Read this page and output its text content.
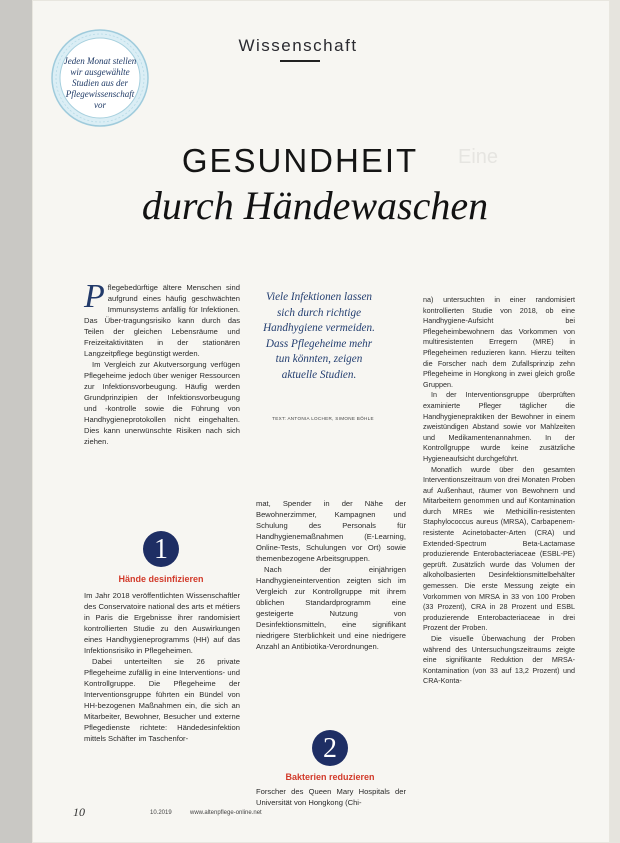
Wissenschaft
Jeden Monat stellen wir ausgewählte Studien aus der Pflegewissenschaft vor
GESUNDHEIT	Eine
durch Händewaschen
P flegebedürftige ältere Menschen sind aufgrund eines häufig geschwächten Immunsystems anfällig für Infektionen. Das Über-tragungsrisiko kann durch das Teilen der gleichen Lebensräume und Freizeitaktivitäten in der stationären Langzeitpflege begünstigt werden.

Im Vergleich zur Akutversorgung verfügen Pflegeheime jedoch über weniger Ressourcen zur Infektionsvorbeugung. Häufig werden Grundprinzipien der Infektionsvorbeugung und -kontrolle sowie die Führung von Handhygieneprotokollen nicht eingehalten. Dies kann unerwünschte Risiken nach sich ziehen.

Viele Infektionen lassen sich durch richtige Handhygiene vermeiden. Dass Pflegeheime mehr tun könnten, zeigen aktuelle Studien.
TEXT: ANTONIA LOCHER, SIMONE BÖHLE
1
Hände desinfizieren

Im Jahr 2018 veröffentlichten Wissenschaftler des Conservatoire national des arts et métiers in Paris die Ergebnisse ihrer randomisiert kontrollierten Studie zu den Auswirkungen eines Handhygieneprogramms (HH) auf das Infektionsrisiko in Pflegeheimen.

Dabei unterteilten sie 26 private Pflegeheime zufällig in eine Interventions- und Kontrollgruppe. Die Pflegeheime der Interventionsgruppe führten ein Bündel von HH-bezogenen Maßnahmen ein, die sich an Mitarbeiter, Bewohner, Besucher und externe Pflegedienste richtete: Händedesinfektion mittels Schäfter im Taschenfor-

mat, Spender in der Nähe der Bewohnerzimmer, Kampagnen und Schulung des Personals für Handhygienemaßnahmen (E-Learning, Online-Tests, Schulungen vor Ort) sowie themenbezogene Arbeitsgruppen.

Nach der einjährigen Handhygieneintervention zeigten sich im Vergleich zur Kontrollgruppe mit ihrem üblichen Standardprogramm eine gesteigerte Nutzung von Desinfektionsmitteln, eine signifikant niedrigere Sterblichkeit und eine niedrigere Anzahl an Antibiotika-Verordnungen.

2
Bakterien reduzieren

Forscher des Queen Mary Hospitals der Universität von Hongkong (Chi-

na) untersuchten in einer randomisiert kontrollierten Studie von 2018, ob eine Handhygiene-Aufsicht bei Pflegeheimbewohnern das Vorkommen von multiresistenten Erregern (MRE) in Pflegeheimen reduzieren kann. Hierzu teilten die Forscher nach dem Zufallsprinzip zehn Pflegeheime in Hongkong in zwei gleich große Gruppen.

In der Interventionsgruppe überprüften examinierte Pfleger täglicher die Handhygienepraktiken der Bewohner in einem zweistündigen Abstand sowie vor Mahlzeiten und Medikamentenannahmen. In der Kontrollgruppe wurde keine zusätzliche Hygieneaufsicht durchgeführt.

Monatlich wurde über den gesamten Interventionszeitraum von drei Monaten Proben auf Außenhaut, räumer von Bewohnern und Mitarbeitern genommen und auf Kontamination durch MREs wie Methicillin-resistenten Staphylococcus aureus (MRSA), Carbapenem-resistente Acinetobacter-Arten (CRA) und Extended-Spectrum Beta-Lactamase produzierende Enterobacteriaceae (ESBL-PE) geprüft. Zusätzlich wurde das Volumen der alkoholbasierten Desinfektionsmittelbehälter gemessen. Die erste Messung zeigte ein Vorkommen von MRSA in 33 von 100 Proben (33 Prozent), CRA in 28 Prozent und ESBL produzierende Enterobacteriaceae in drei Prozent der Proben.

Die visuelle Überwachung der Proben während des Untersuchungszeitraums zeigte eine signifikante Reduktion der MRSA-Kontamination (von 33 auf 13,2 Prozent) und CRA-Konta-

10	10.2019	www.altenpflege-online.net
